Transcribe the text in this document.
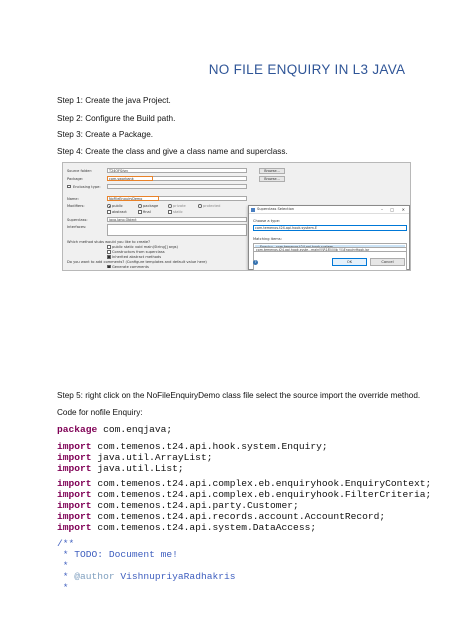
NO FILE ENQUIRY IN L3 JAVA
Step 1: Create the java Project.
Step 2: Configure the Build path.
Step 3: Create a Package.
Step 4: Create the class and give a class name and superclass.
Source folder:	T24OFS/src	Browse...
Package:	com.sworbank	Browse...
Enclosing type:
Name:	NoFileEnquiryDemo
Modifiers:	public	package	private	protected
abstract	final	static
Superclass:	java.lang.Object
Interfaces:
Which method stubs would you like to create?
public static void main(String[] args)
Constructors from superclass
Inherited abstract methods
Do you want to add comments? (Configure templates and default value here)
Generate comments
Superclass Selection	– □ ✕
Choose a type:
com.temenos.t24.api.hook.system.E
Matching items:
com.temenos.t24.api.hook.syste...main\\\\R18\\\\lib_\\\\EnquiryHook.jar
?	OK	Cancel
Step 5: right click on the NoFileEnquiryDemo class file select the source import the override method.
Code for nofile Enquiry:
package com.enqjava;
import com.temenos.t24.api.hook.system.Enquiry;
import java.util.ArrayList;
import java.util.List;
import com.temenos.t24.api.complex.eb.enquiryhook.EnquiryContext;
import com.temenos.t24.api.complex.eb.enquiryhook.FilterCriteria;
import com.temenos.t24.api.party.Customer;
import com.temenos.t24.api.records.account.AccountRecord;
import com.temenos.t24.api.system.DataAccess;
/**
* TODO: Document me!
*
* @author VishnupriyaRadhakris
*
